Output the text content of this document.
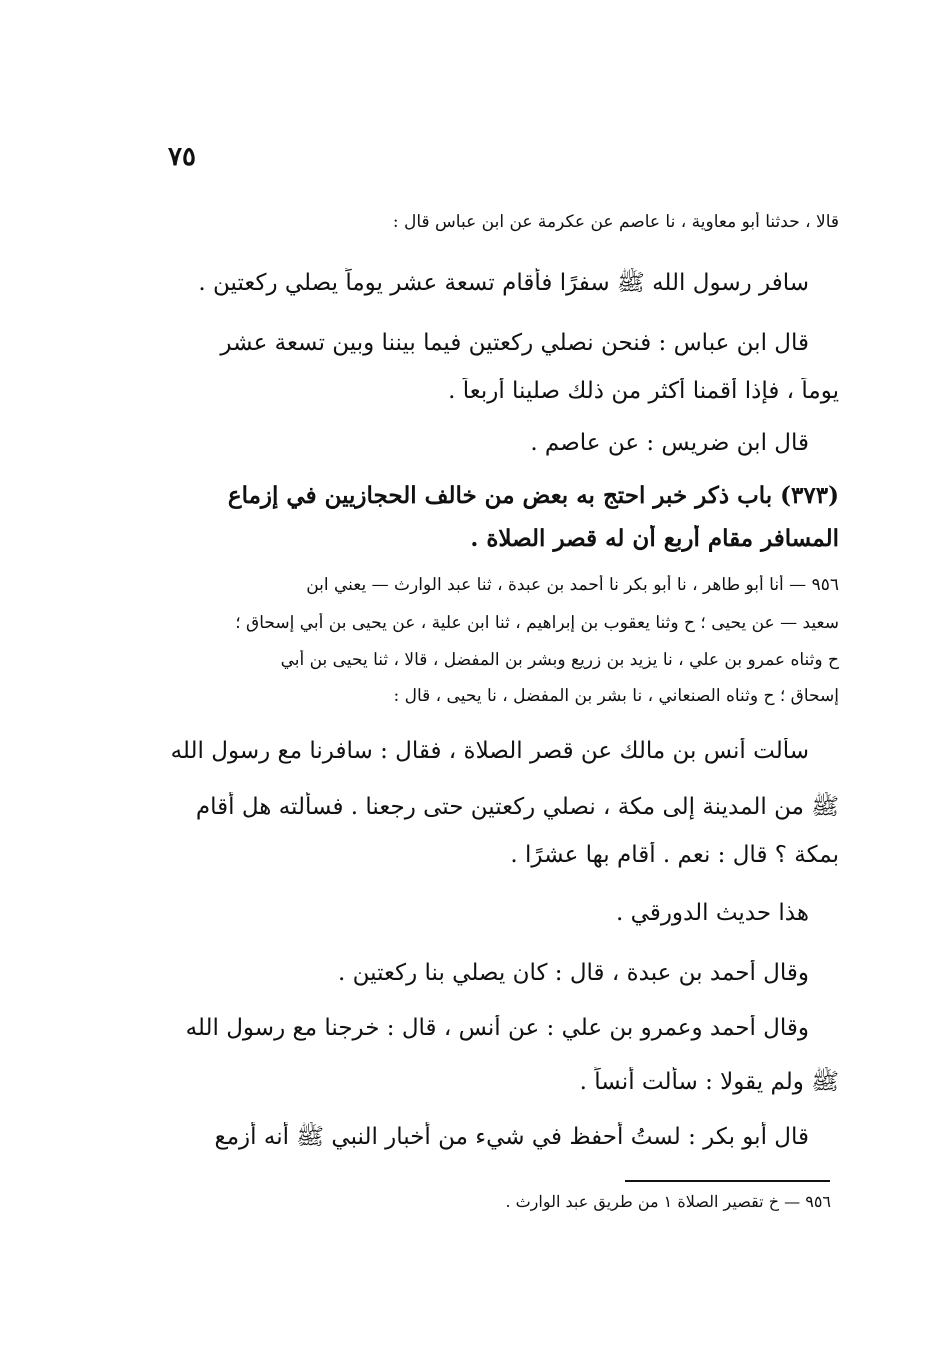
٧٥
قالا ، حدثنا أبو معاوية ، نا عاصم عن عكرمة عن ابن عباس قال :
سافر رسول الله ﷺ سفرًا فأقام تسعة عشر يوماً يصلي ركعتين .
قال ابن عباس : فنحن نصلي ركعتين فيما بيننا وبين تسعة عشر
يوماً ، فإذا أقمنا أكثر من ذلك صلينا أربعاً .
قال ابن ضريس : عن عاصم .
(٣٧٣) باب ذكر خبر احتج به بعض من خالف الحجازيين في إزماع
المسافر مقام أربع أن له قصر الصلاة .
٩٥٦ — أنا أبو طاهر ، نا أبو بكر نا أحمد بن عبدة ، ثنا عبد الوارث — يعني ابن
سعيد — عن يحيى ؛ ح وثنا يعقوب بن إبراهيم ، ثنا ابن علية ، عن يحيى بن أبي إسحاق ؛
ح وثناه عمرو بن علي ، نا يزيد بن زريع وبشر بن المفضل ، قالا ، ثنا يحيى بن أبي
إسحاق ؛ ح وثناه الصنعاني ، نا بشر بن المفضل ، نا يحيى ، قال :
سألت أنس بن مالك عن قصر الصلاة ، فقال : سافرنا مع رسول الله
ﷺ من المدينة إلى مكة ، نصلي ركعتين حتى رجعنا . فسألته هل أقام
بمكة ؟ قال : نعم . أقام بها عشرًا .
هذا حديث الدورقي .
وقال أحمد بن عبدة ، قال : كان يصلي بنا ركعتين .
وقال أحمد وعمرو بن علي : عن أنس ، قال : خرجنا مع رسول الله
ﷺ ولم يقولا : سألت أنساً .
قال أبو بكر : لستُ أحفظ في شيء من أخبار النبي ﷺ أنه أزمع
٩٥٦ — خ تقصير الصلاة ١ من طريق عبد الوارث .
